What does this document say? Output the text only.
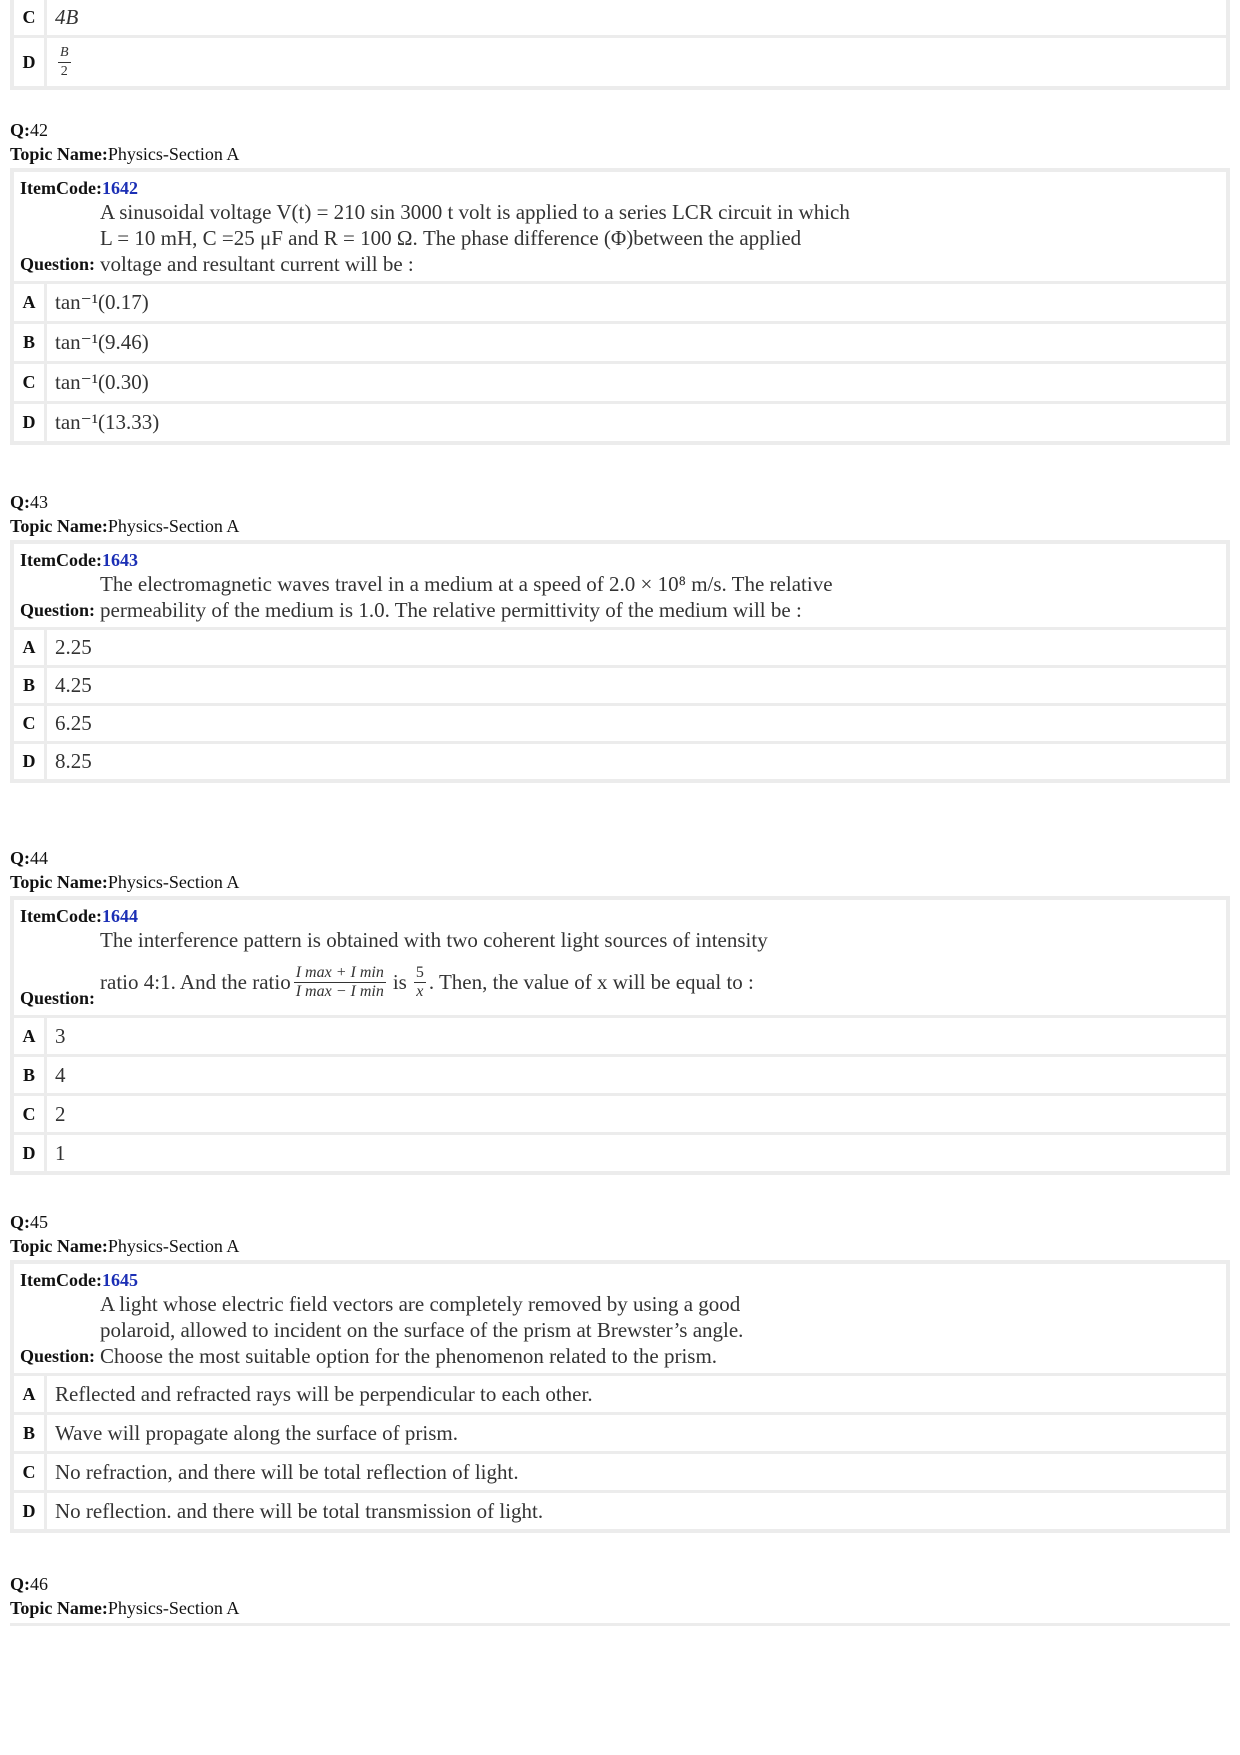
C 4B
D	$\frac{B}{2}$
Q:42
Topic Name:Physics-Section A
ItemCode:1642
Question:
A sinusoidal voltage V(t) = 210 sin 3000 t volt is applied to a series LCR circuit in which L = 10 mH, C =25 μF and R = 100 Ω. The phase difference (Φ)between the applied voltage and resultant current will be :
A tan⁻¹(0.17)
B tan⁻¹(9.46)
C tan⁻¹(0.30)
D tan⁻¹(13.33)
Q:43
Topic Name:Physics-Section A
ItemCode:1643
Question:
The electromagnetic waves travel in a medium at a speed of 2.0 × 10⁸ m/s. The relative permeability of the medium is 1.0. The relative permittivity of the medium will be :
A 2.25
B 4.25
C 6.25
D 8.25
Q:44
Topic Name:Physics-Section A
ItemCode:1644
Question:
The interference pattern is obtained with two coherent light sources of intensity
ratio 4:1. And the ratio $\frac{\text{I max + I min}}{\text{I max − I min}}$ is $\frac{5}{x}$ . Then, the value of x will be equal to :
A 3
B 4
C 2
D 1
Q:45
Topic Name:Physics-Section A
ItemCode:1645
Question:
A light whose electric field vectors are completely removed by using a good polaroid, allowed to incident on the surface of the prism at Brewster’s angle. Choose the most suitable option for the phenomenon related to the prism.
A Reflected and refracted rays will be perpendicular to each other.
B Wave will propagate along the surface of prism.
C No refraction, and there will be total reflection of light.
D No reflection. and there will be total transmission of light.
Q:46
Topic Name:Physics-Section A
